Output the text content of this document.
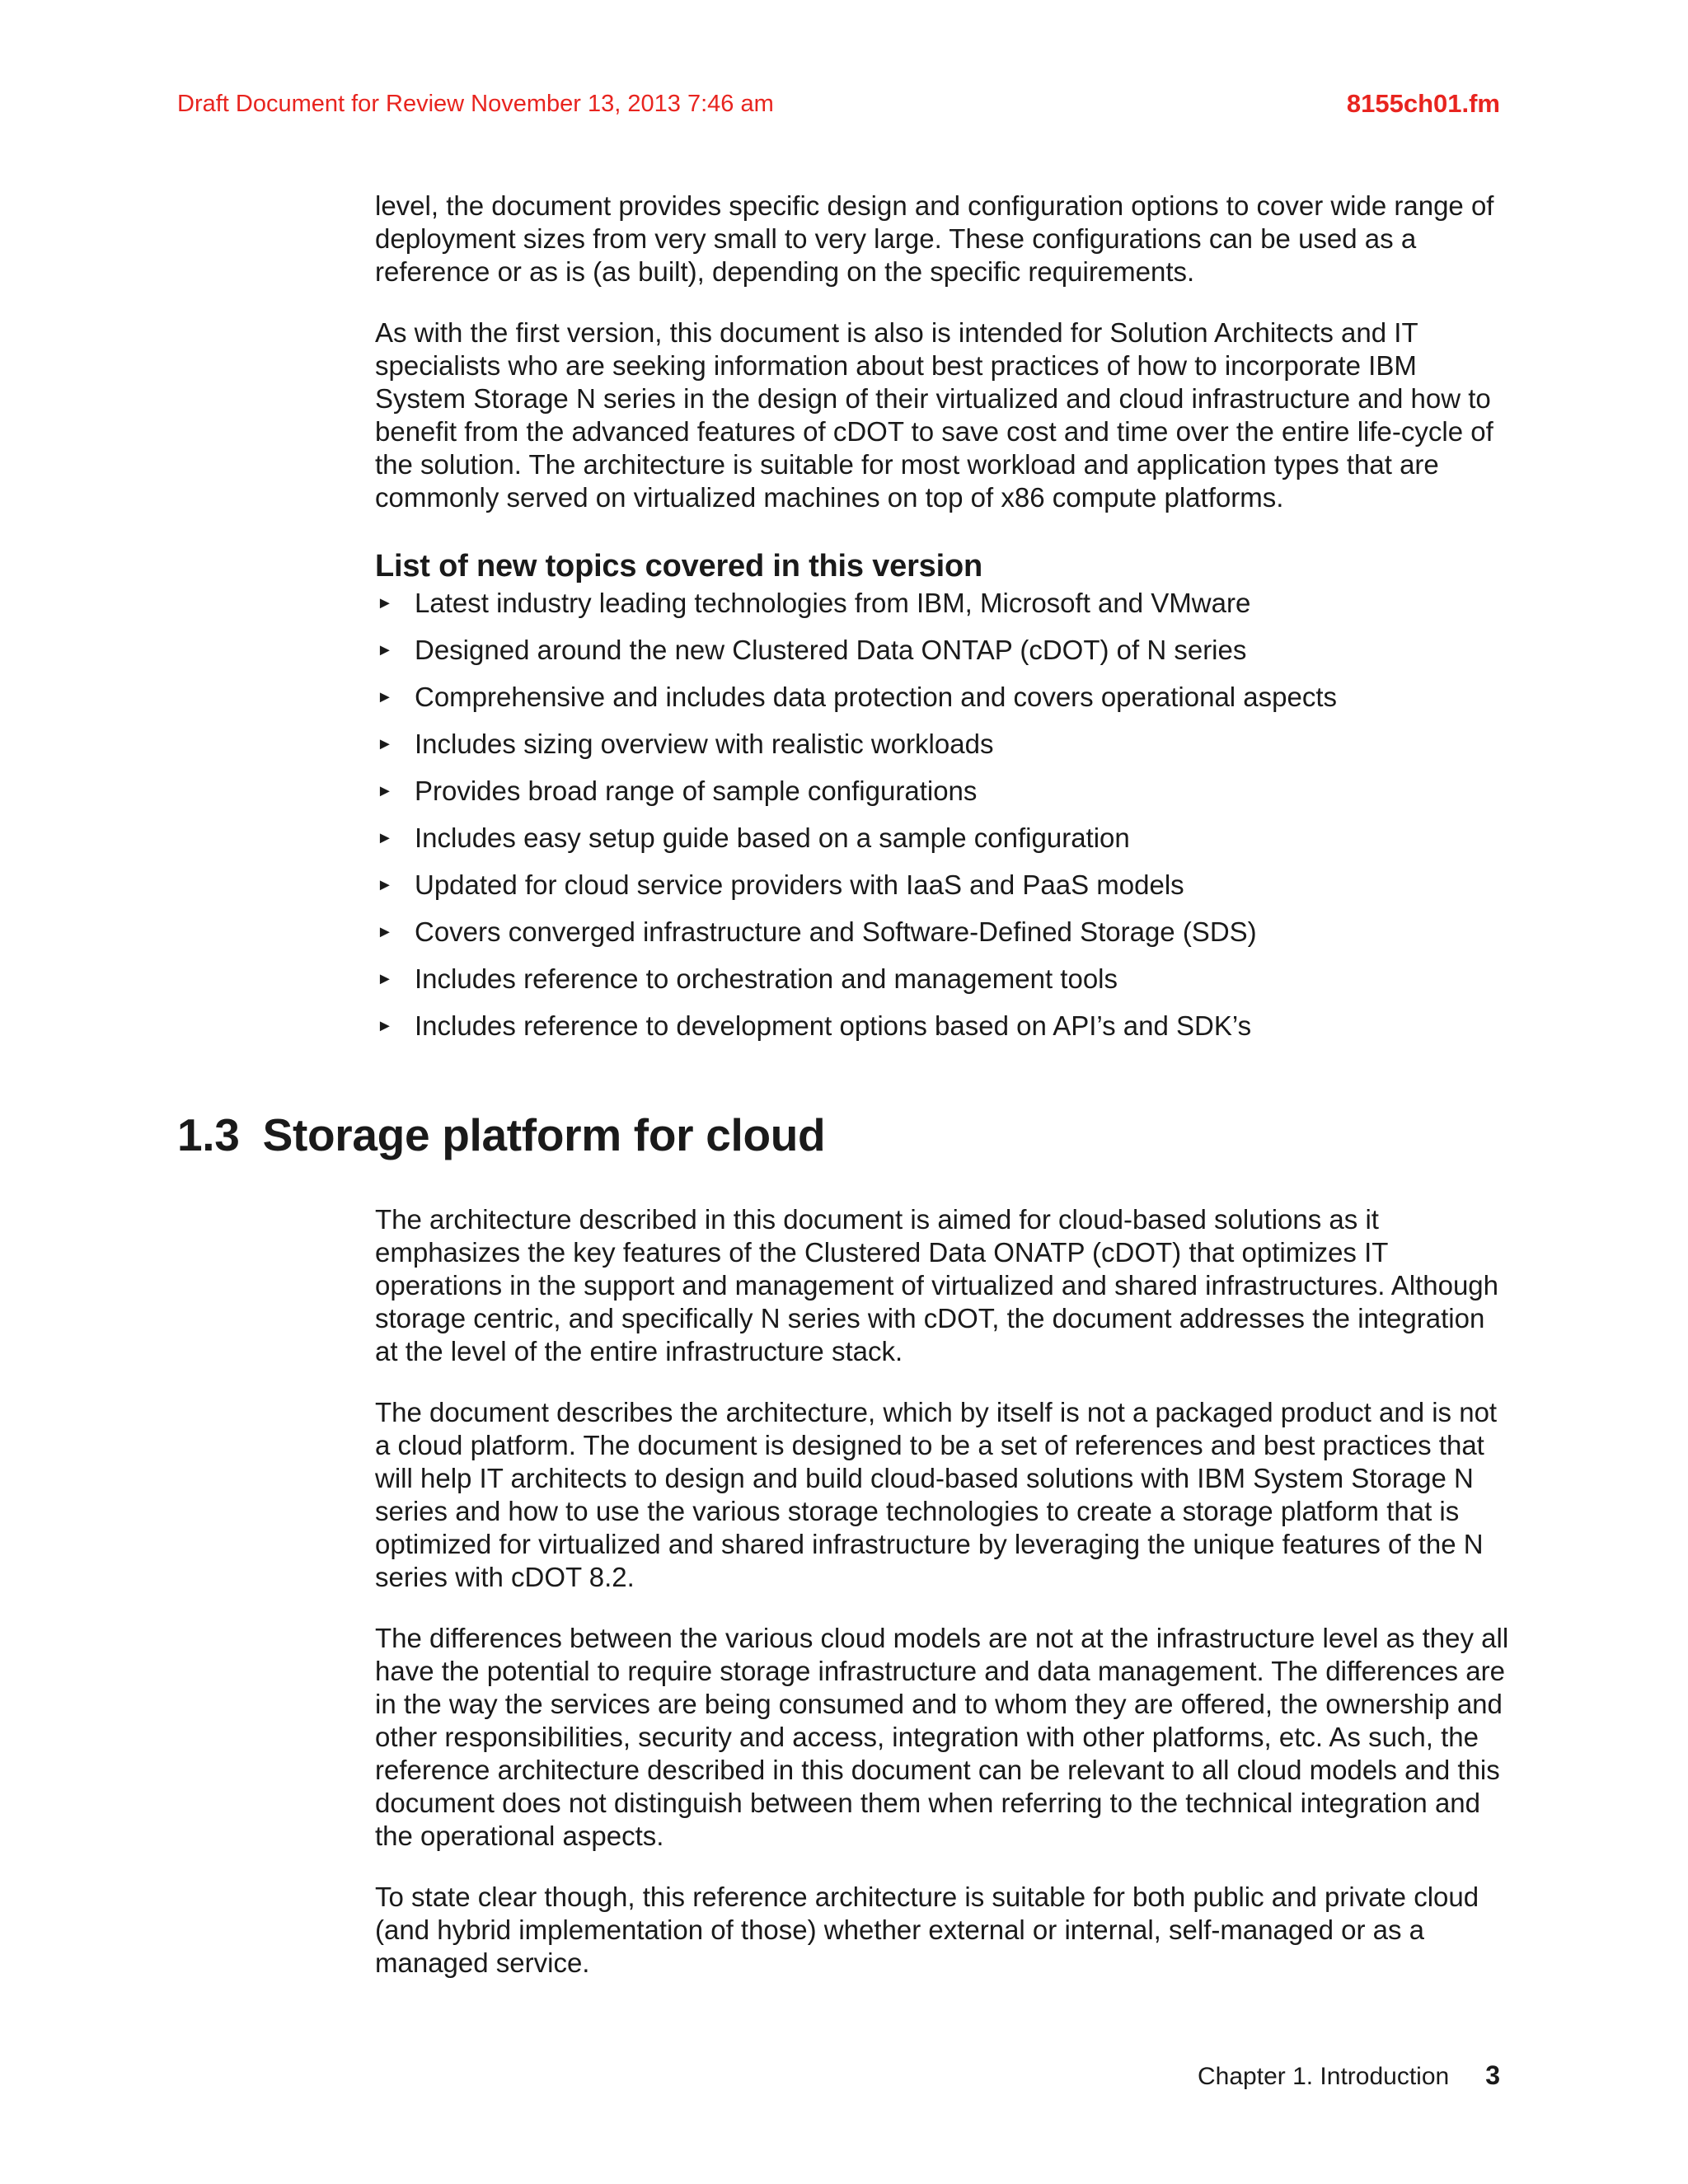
Draft Document for Review November 13, 2013 7:46 am	8155ch01.fm

level, the document provides specific design and configuration options to cover wide range of deployment sizes from very small to very large. These configurations can be used as a reference or as is (as built), depending on the specific requirements.

As with the first version, this document is also is intended for Solution Architects and IT specialists who are seeking information about best practices of how to incorporate IBM System Storage N series in the design of their virtualized and cloud infrastructure and how to benefit from the advanced features of cDOT to save cost and time over the entire life-cycle of the solution. The architecture is suitable for most workload and application types that are commonly served on virtualized machines on top of x86 compute platforms.

List of new topics covered in this version
► Latest industry leading technologies from IBM, Microsoft and VMware
► Designed around the new Clustered Data ONTAP (cDOT) of N series
► Comprehensive and includes data protection and covers operational aspects
► Includes sizing overview with realistic workloads
► Provides broad range of sample configurations
► Includes easy setup guide based on a sample configuration
► Updated for cloud service providers with IaaS and PaaS models
► Covers converged infrastructure and Software-Defined Storage (SDS)
► Includes reference to orchestration and management tools
► Includes reference to development options based on API’s and SDK’s
1.3 Storage platform for cloud

The architecture described in this document is aimed for cloud-based solutions as it emphasizes the key features of the Clustered Data ONATP (cDOT) that optimizes IT operations in the support and management of virtualized and shared infrastructures. Although storage centric, and specifically N series with cDOT, the document addresses the integration at the level of the entire infrastructure stack.

The document describes the architecture, which by itself is not a packaged product and is not a cloud platform. The document is designed to be a set of references and best practices that will help IT architects to design and build cloud-based solutions with IBM System Storage N series and how to use the various storage technologies to create a storage platform that is optimized for virtualized and shared infrastructure by leveraging the unique features of the N series with cDOT 8.2.

The differences between the various cloud models are not at the infrastructure level as they all have the potential to require storage infrastructure and data management. The differences are in the way the services are being consumed and to whom they are offered, the ownership and other responsibilities, security and access, integration with other platforms, etc. As such, the reference architecture described in this document can be relevant to all cloud models and this document does not distinguish between them when referring to the technical integration and the operational aspects.

To state clear though, this reference architecture is suitable for both public and private cloud (and hybrid implementation of those) whether external or internal, self-managed or as a managed service.

Chapter 1. Introduction 3
